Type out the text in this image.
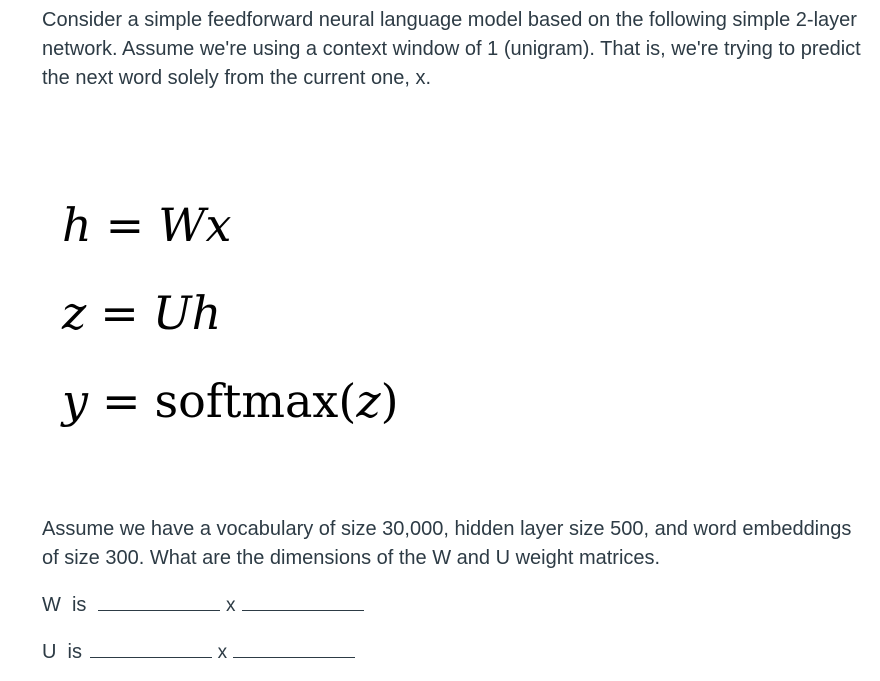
Consider a simple feedforward neural language model based on the following simple 2-layer network. Assume we're using a context window of 1 (unigram). That is, we're trying to predict the next word solely from the current one, x.

h = Wx
z = Uh
y = softmax(z)

Assume we have a vocabulary of size 30,000, hidden layer size 500, and word embeddings of size 300. What are the dimensions of the W and U weight matrices.

W  is	x
U  is	x
